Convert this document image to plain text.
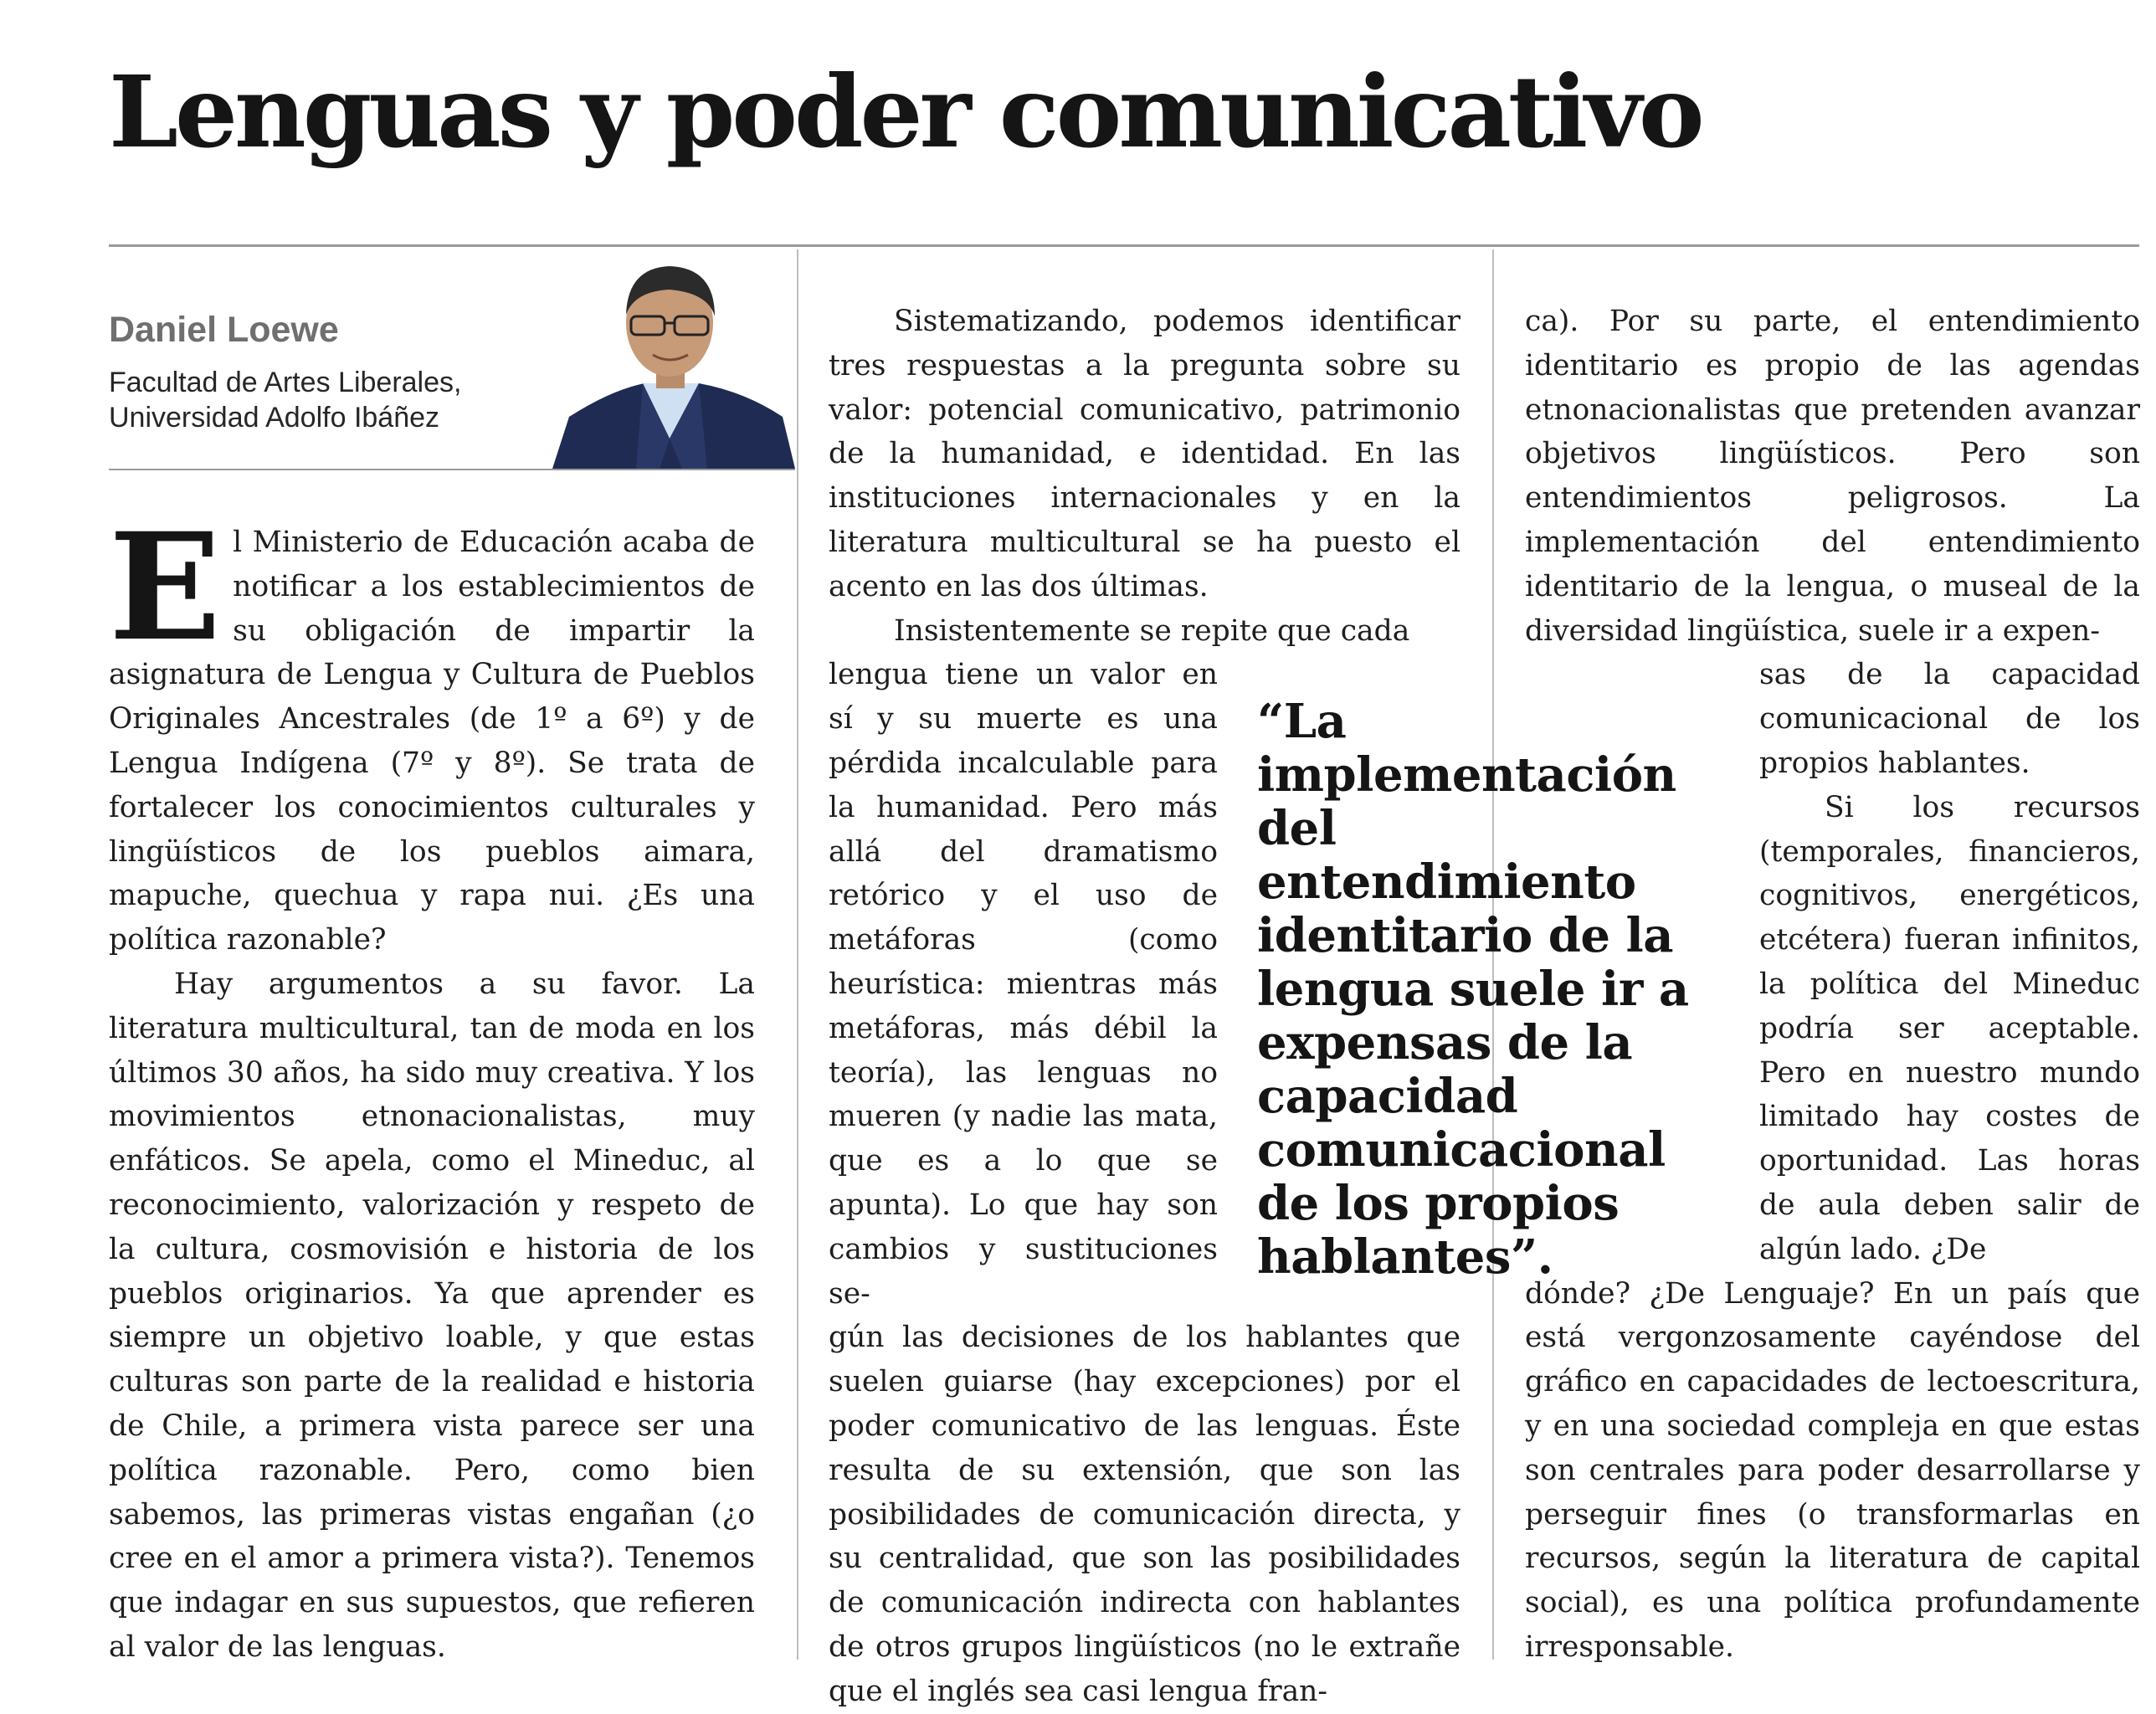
Lenguas y poder comunicativo
Daniel Loewe
Facultad de Artes Liberales,
Universidad Adolfo Ibáñez

El Ministerio de Educación acaba de notificar a los establecimientos de su obligación de impartir la asignatura de Lengua y Cultura de Pueblos Originales Ancestrales (de 1º a 6º) y de Lengua Indígena (7º y 8º). Se trata de fortalecer los conocimientos culturales y lingüísticos de los pueblos aimara, mapuche, quechua y rapa nui. ¿Es una política razonable?

Hay argumentos a su favor. La literatura multicultural, tan de moda en los últimos 30 años, ha sido muy creativa. Y los movimientos etnonacionalistas, muy enfáticos. Se apela, como el Mineduc, al reconocimiento, valorización y respeto de la cultura, cosmovisión e historia de los pueblos originarios. Ya que aprender es siempre un objetivo loable, y que estas culturas son parte de la realidad e historia de Chile, a primera vista parece ser una política razonable. Pero, como bien sabemos, las primeras vistas engañan (¿o cree en el amor a primera vista?). Tenemos que indagar en sus supuestos, que refieren al valor de las lenguas.

Sistematizando, podemos identificar tres respuestas a la pregunta sobre su valor: potencial comunicativo, patrimonio de la humanidad, e identidad. En las instituciones internacionales y en la literatura multicultural se ha puesto el acento en las dos últimas.

Insistentemente se repite que cada

lengua tiene un valor en sí y su muerte es una pérdida incalculable para la humanidad. Pero más allá del dramatismo retórico y el uso de metáforas (como heurística: mientras más metáforas, más débil la teoría), las lenguas no mueren (y nadie las mata, que es a lo que se apunta). Lo que hay son cambios y sustituciones se-

gún las decisiones de los hablantes que suelen guiarse (hay excepciones) por el poder comunicativo de las lenguas. Éste resulta de su extensión, que son las posibilidades de comunicación directa, y su centralidad, que son las posibilidades de comunicación indirecta con hablantes de otros grupos lingüísticos (no le extrañe que el inglés sea casi lengua fran-

ca). Por su parte, el entendimiento identitario es propio de las agendas etnonacionalistas que pretenden avanzar objetivos lingüísticos. Pero son entendimientos peligrosos. La implementación del entendimiento identitario de la lengua, o museal de la diversidad lingüística, suele ir a expen-

sas de la capacidad comunicacional de los propios hablantes.

Si los recursos (temporales, financieros, cognitivos, energéticos, etcétera) fueran infinitos, la política del Mineduc podría ser aceptable. Pero en nuestro mundo limitado hay costes de oportunidad. Las horas de aula deben salir de algún lado. ¿De

dónde? ¿De Lenguaje? En un país que está vergonzosamente cayéndose del gráfico en capacidades de lectoescritura, y en una sociedad compleja en que estas son centrales para poder desarrollarse y perseguir fines (o transformarlas en recursos, según la literatura de capital social), es una política profundamente irresponsable.

“La implementación del entendimiento identitario de la lengua suele ir a expensas de la capacidad comunicacional de los propios hablantes”.
